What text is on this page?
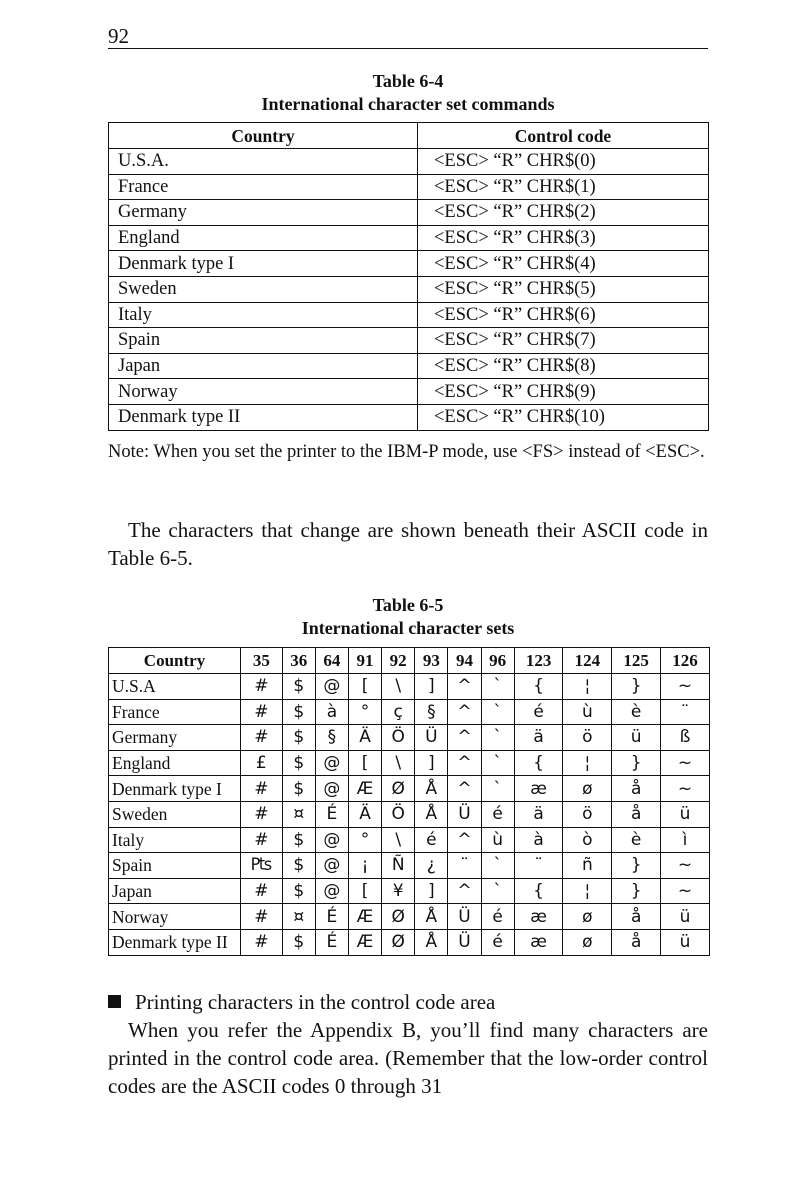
92
Table 6-4
International character set commands
Country	Control code
U.S.A.	<ESC> “R” CHR$(0)
France	<ESC> “R” CHR$(1)
Germany	<ESC> “R” CHR$(2)
England	<ESC> “R” CHR$(3)
Denmark type I	<ESC> “R” CHR$(4)
Sweden	<ESC> “R” CHR$(5)
Italy	<ESC> “R” CHR$(6)
Spain	<ESC> “R” CHR$(7)
Japan	<ESC> “R” CHR$(8)
Norway	<ESC> “R” CHR$(9)
Denmark type II	<ESC> “R” CHR$(10)
Note: When you set the printer to the IBM-P mode, use <FS> instead of <ESC>.
The characters that change are shown beneath their ASCII code in Table 6-5.
Table 6-5
International character sets
Country	35	36	64	91	92	93	94	96	123	124	125	126
U.S.A	#	$	@	[	\	]	^	`	{	¦	}	~
France	#	$	à	°	ç	§	^	`	é	ù	è	¨
Germany	#	$	§	Ä	Ö	Ü	^	`	ä	ö	ü	ß
England	£	$	@	[	\	]	^	`	{	¦	}	~
Denmark type I	#	$	@	Æ	Ø	Å	^	`	æ	ø	å	~
Sweden	#	¤	É	Ä	Ö	Å	Ü	é	ä	ö	å	ü
Italy	#	$	@	°	\	é	^	ù	à	ò	è	ì
Spain	₧	$	@	¡	Ñ	¿	¨	`	¨	ñ	}	~
Japan	#	$	@	[	¥	]	^	`	{	¦	}	~
Norway	#	¤	É	Æ	Ø	Å	Ü	é	æ	ø	å	ü
Denmark type II	#	$	É	Æ	Ø	Å	Ü	é	æ	ø	å	ü
Printing characters in the control code area
When you refer the Appendix B, you’ll find many characters are printed in the control code area. (Remember that the low-order control codes are the ASCII codes 0 through 31
